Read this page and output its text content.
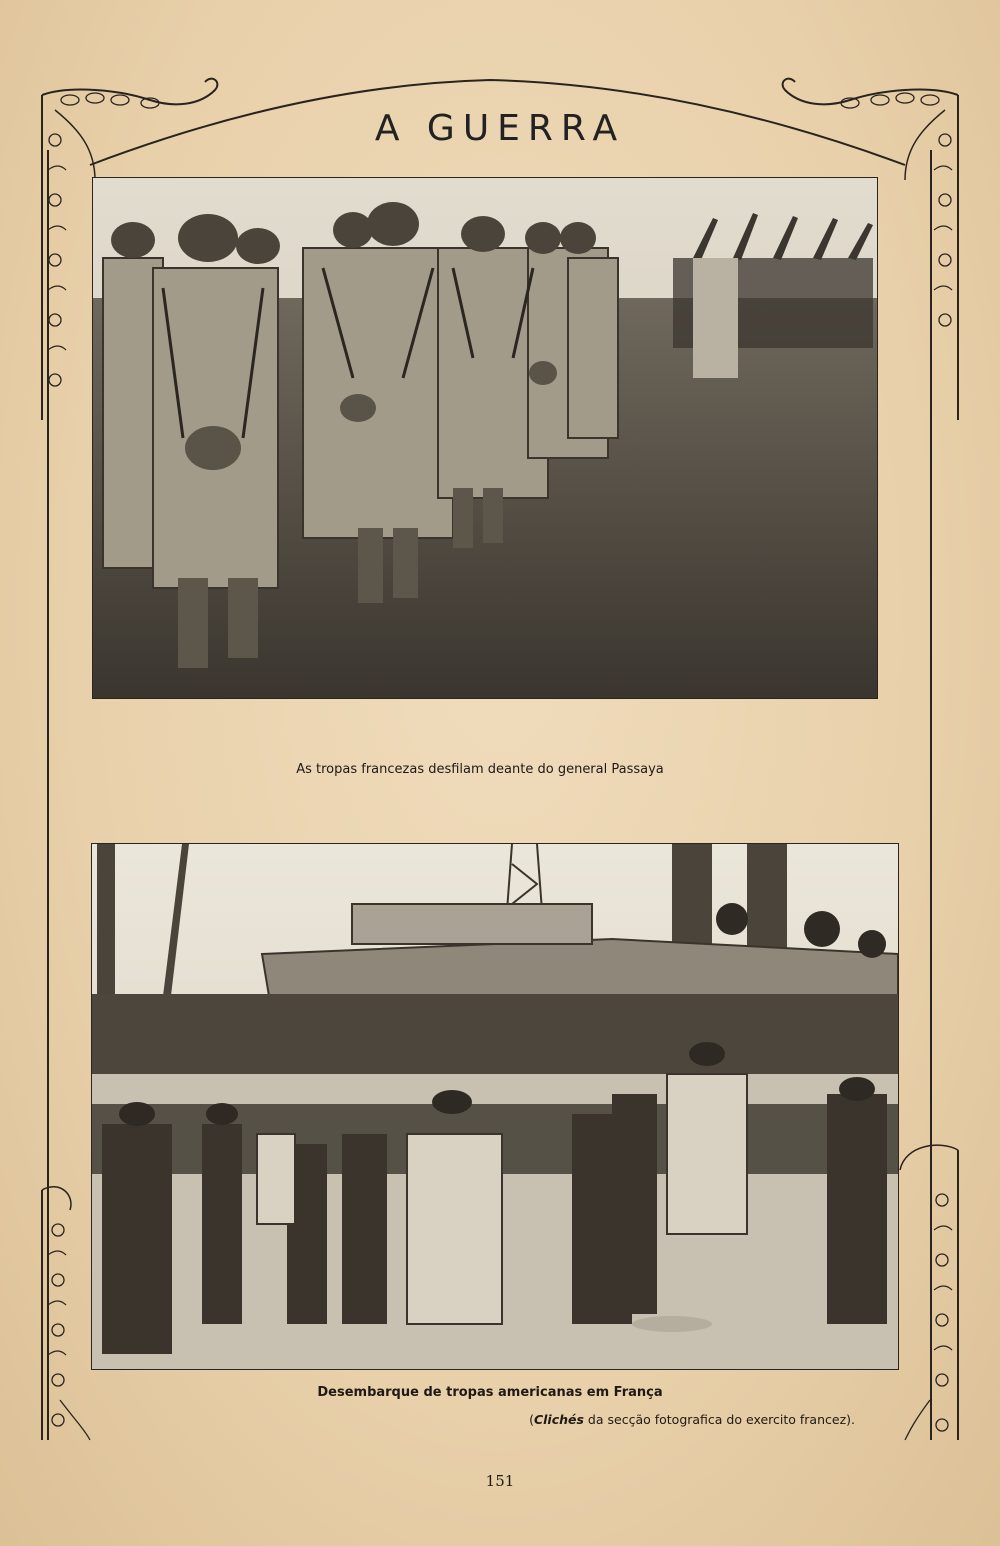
A GUERRA
As tropas francezas desfilam deante do general Passaya
Desembarque de tropas americanas em França
(Clichés da secção fotografica do exercito francez).
151
